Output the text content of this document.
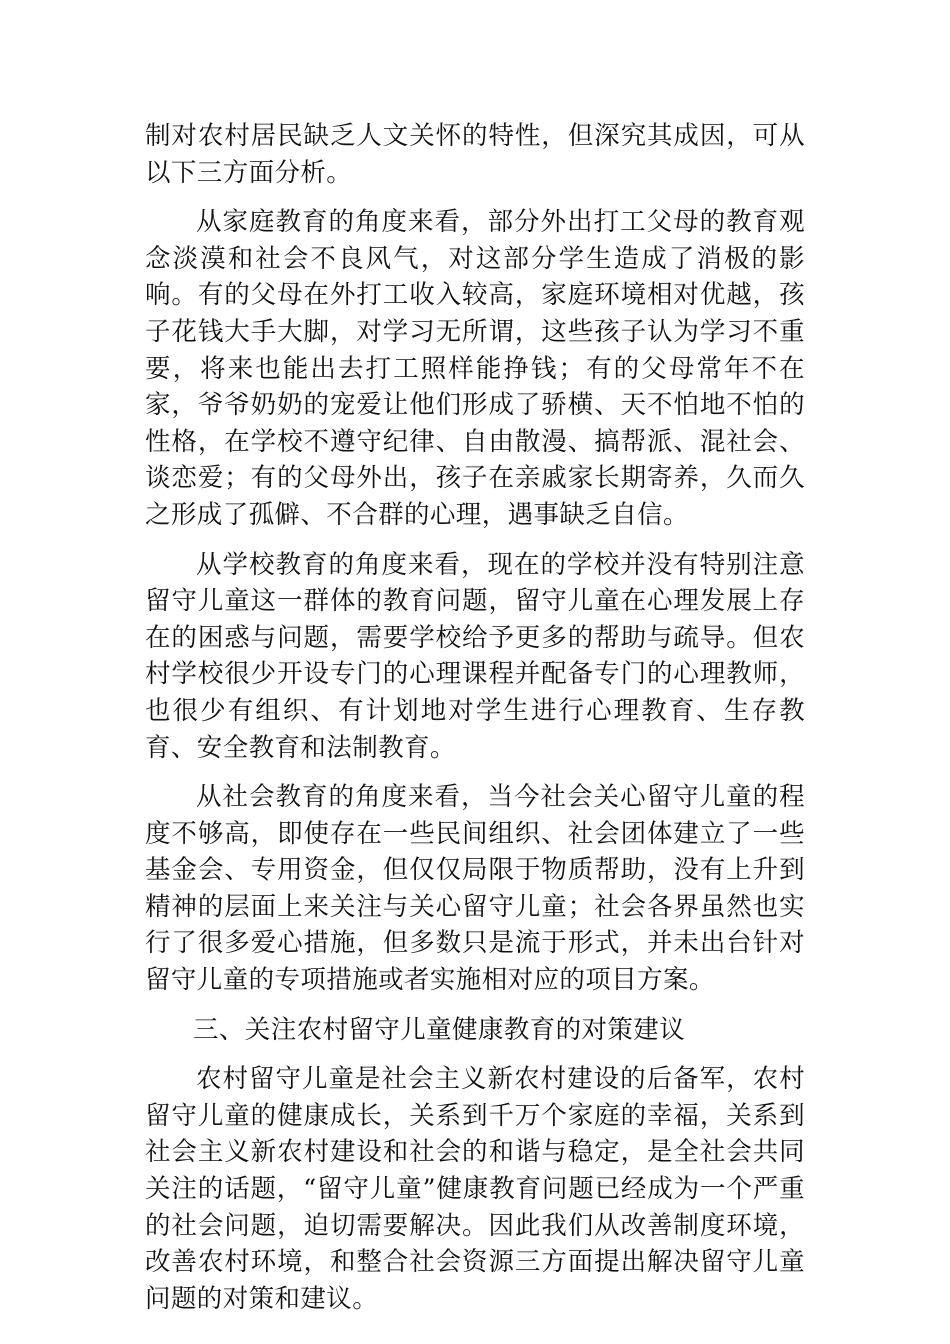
制对农村居民缺乏人文关怀的特性，但深究其成因，可从以下三方面分析。

从家庭教育的角度来看，部分外出打工父母的教育观念淡漠和社会不良风气，对这部分学生造成了消极的影响。有的父母在外打工收入较高，家庭环境相对优越，孩子花钱大手大脚，对学习无所谓，这些孩子认为学习不重要，将来也能出去打工照样能挣钱；有的父母常年不在家，爷爷奶奶的宠爱让他们形成了骄横、天不怕地不怕的性格，在学校不遵守纪律、自由散漫、搞帮派、混社会、谈恋爱；有的父母外出，孩子在亲戚家长期寄养，久而久之形成了孤僻、不合群的心理，遇事缺乏自信。

从学校教育的角度来看，现在的学校并没有特别注意留守儿童这一群体的教育问题，留守儿童在心理发展上存在的困惑与问题，需要学校给予更多的帮助与疏导。但农村学校很少开设专门的心理课程并配备专门的心理教师，也很少有组织、有计划地对学生进行心理教育、生存教育、安全教育和法制教育。

从社会教育的角度来看，当今社会关心留守儿童的程度不够高，即使存在一些民间组织、社会团体建立了一些基金会、专用资金，但仅仅局限于物质帮助，没有上升到精神的层面上来关注与关心留守儿童；社会各界虽然也实行了很多爱心措施，但多数只是流于形式，并未出台针对留守儿童的专项措施或者实施相对应的项目方案。

三、关注农村留守儿童健康教育的对策建议

农村留守儿童是社会主义新农村建设的后备军，农村留守儿童的健康成长，关系到千万个家庭的幸福，关系到社会主义新农村建设和社会的和谐与稳定，是全社会共同关注的话题，“留守儿童”健康教育问题已经成为一个严重的社会问题，迫切需要解决。因此我们从改善制度环境，改善农村环境，和整合社会资源三方面提出解决留守儿童问题的对策和建议。
